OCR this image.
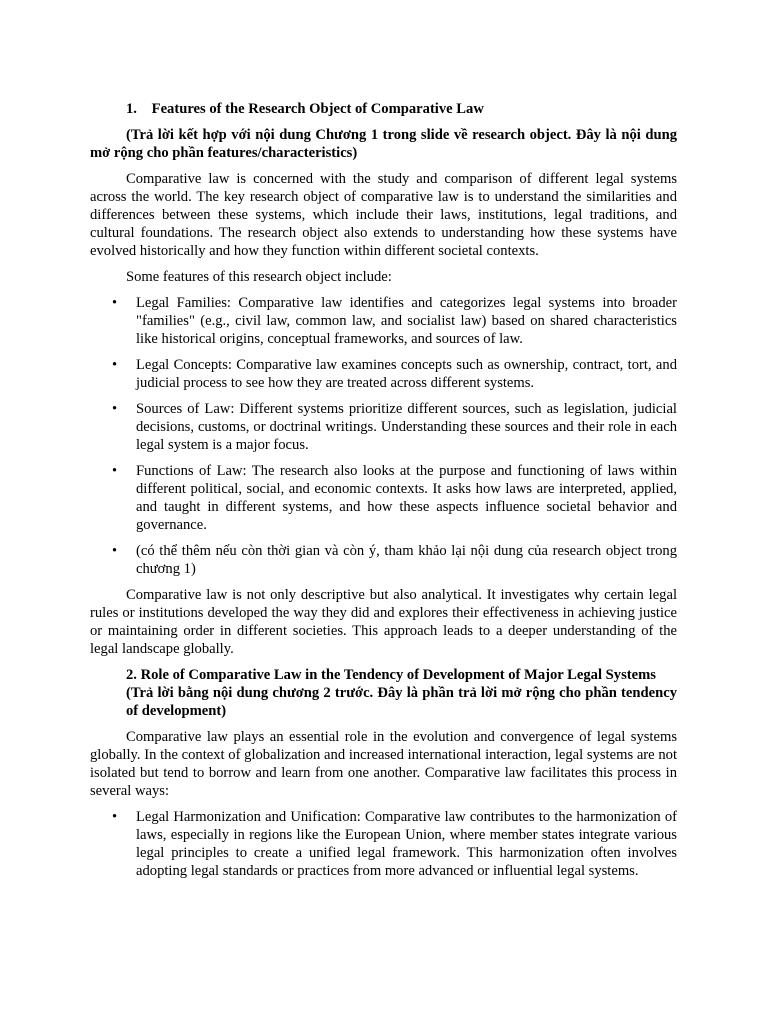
1. Features of the Research Object of Comparative Law

(Trả lời kết hợp với nội dung Chương 1 trong slide về research object. Đây là nội dung mở rộng cho phần features/characteristics)

Comparative law is concerned with the study and comparison of different legal systems across the world. The key research object of comparative law is to understand the similarities and differences between these systems, which include their laws, institutions, legal traditions, and cultural foundations. The research object also extends to understanding how these systems have evolved historically and how they function within different societal contexts.

Some features of this research object include:

• Legal Families: Comparative law identifies and categorizes legal systems into broader "families" (e.g., civil law, common law, and socialist law) based on shared characteristics like historical origins, conceptual frameworks, and sources of law.
• Legal Concepts: Comparative law examines concepts such as ownership, contract, tort, and judicial process to see how they are treated across different systems.
• Sources of Law: Different systems prioritize different sources, such as legislation, judicial decisions, customs, or doctrinal writings. Understanding these sources and their role in each legal system is a major focus.
• Functions of Law: The research also looks at the purpose and functioning of laws within different political, social, and economic contexts. It asks how laws are interpreted, applied, and taught in different systems, and how these aspects influence societal behavior and governance.
• (có thể thêm nếu còn thời gian và còn ý, tham khảo lại nội dung của research object trong chương 1)

Comparative law is not only descriptive but also analytical. It investigates why certain legal rules or institutions developed the way they did and explores their effectiveness in achieving justice or maintaining order in different societies. This approach leads to a deeper understanding of the legal landscape globally.

2. Role of Comparative Law in the Tendency of Development of Major Legal Systems
(Trả lời bằng nội dung chương 2 trước. Đây là phần trả lời mở rộng cho phần tendency of development)

Comparative law plays an essential role in the evolution and convergence of legal systems globally. In the context of globalization and increased international interaction, legal systems are not isolated but tend to borrow and learn from one another. Comparative law facilitates this process in several ways:

• Legal Harmonization and Unification: Comparative law contributes to the harmonization of laws, especially in regions like the European Union, where member states integrate various legal principles to create a unified legal framework. This harmonization often involves adopting legal standards or practices from more advanced or influential legal systems.
